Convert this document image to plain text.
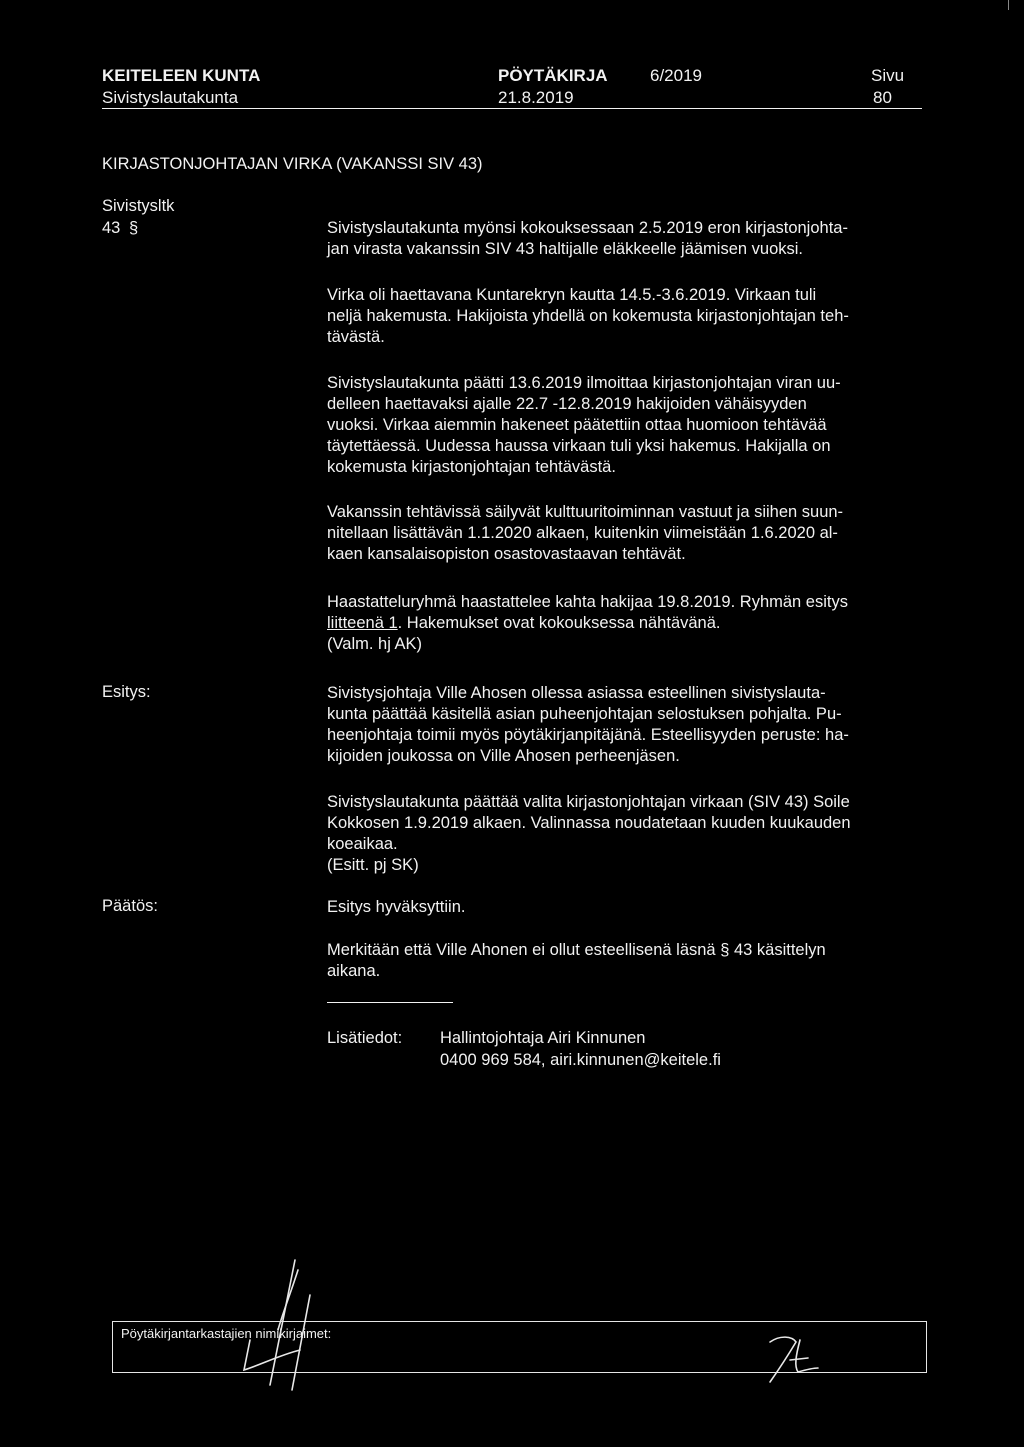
KEITELEEN KUNTA	PÖYTÄKIRJA 6/2019	Sivu
Sivistyslautakunta	21.8.2019	80
KIRJASTONJOHTAJAN VIRKA (VAKANSSI SIV 43)
Sivistysltk
43 §	Sivistyslautakunta myönsi kokouksessaan 2.5.2019 eron kirjastonjohta-

jan virasta vakanssin SIV 43 haltijalle eläkkeelle jäämisen vuoksi.

Virka oli haettavana Kuntarekryn kautta 14.5.-3.6.2019. Virkaan tuli

neljä hakemusta. Hakijoista yhdellä on kokemusta kirjastonjohtajan teh-

tävästä.

Sivistyslautakunta päätti 13.6.2019 ilmoittaa kirjastonjohtajan viran uu-

delleen haettavaksi ajalle 22.7 -12.8.2019 hakijoiden vähäisyyden

vuoksi. Virkaa aiemmin hakeneet päätettiin ottaa huomioon tehtävää

täytettäessä. Uudessa haussa virkaan tuli yksi hakemus. Hakijalla on

kokemusta kirjastonjohtajan tehtävästä.

Vakanssin tehtävissä säilyvät kulttuuritoiminnan vastuut ja siihen suun-

nitellaan lisättävän 1.1.2020 alkaen, kuitenkin viimeistään 1.6.2020 al-

kaen kansalaisopiston osastovastaavan tehtävät.

Haastatteluryhmä haastattelee kahta hakijaa 19.8.2019. Ryhmän esitys

liitteenä 1. Hakemukset ovat kokouksessa nähtävänä.

(Valm. hj AK)

Esitys:	Sivistysjohtaja Ville Ahosen ollessa asiassa esteellinen sivistyslauta-

kunta päättää käsitellä asian puheenjohtajan selostuksen pohjalta. Pu-

heenjohtaja toimii myös pöytäkirjanpitäjänä. Esteellisyyden peruste: ha-

kijoiden joukossa on Ville Ahosen perheenjäsen.

Sivistyslautakunta päättää valita kirjastonjohtajan virkaan (SIV 43) Soile

Kokkosen 1.9.2019 alkaen. Valinnassa noudatetaan kuuden kuukauden

koeaikaa.

(Esitt. pj SK)

Päätös:	Esitys hyväksyttiin.

Merkitään että Ville Ahonen ei ollut esteellisenä läsnä § 43 käsittelyn

aikana.

Lisätiedot: Hallintojohtaja Airi Kinnunen
0400 969 584, airi.kinnunen@keitele.fi
Pöytäkirjantarkastajien nimikirjaimet:
